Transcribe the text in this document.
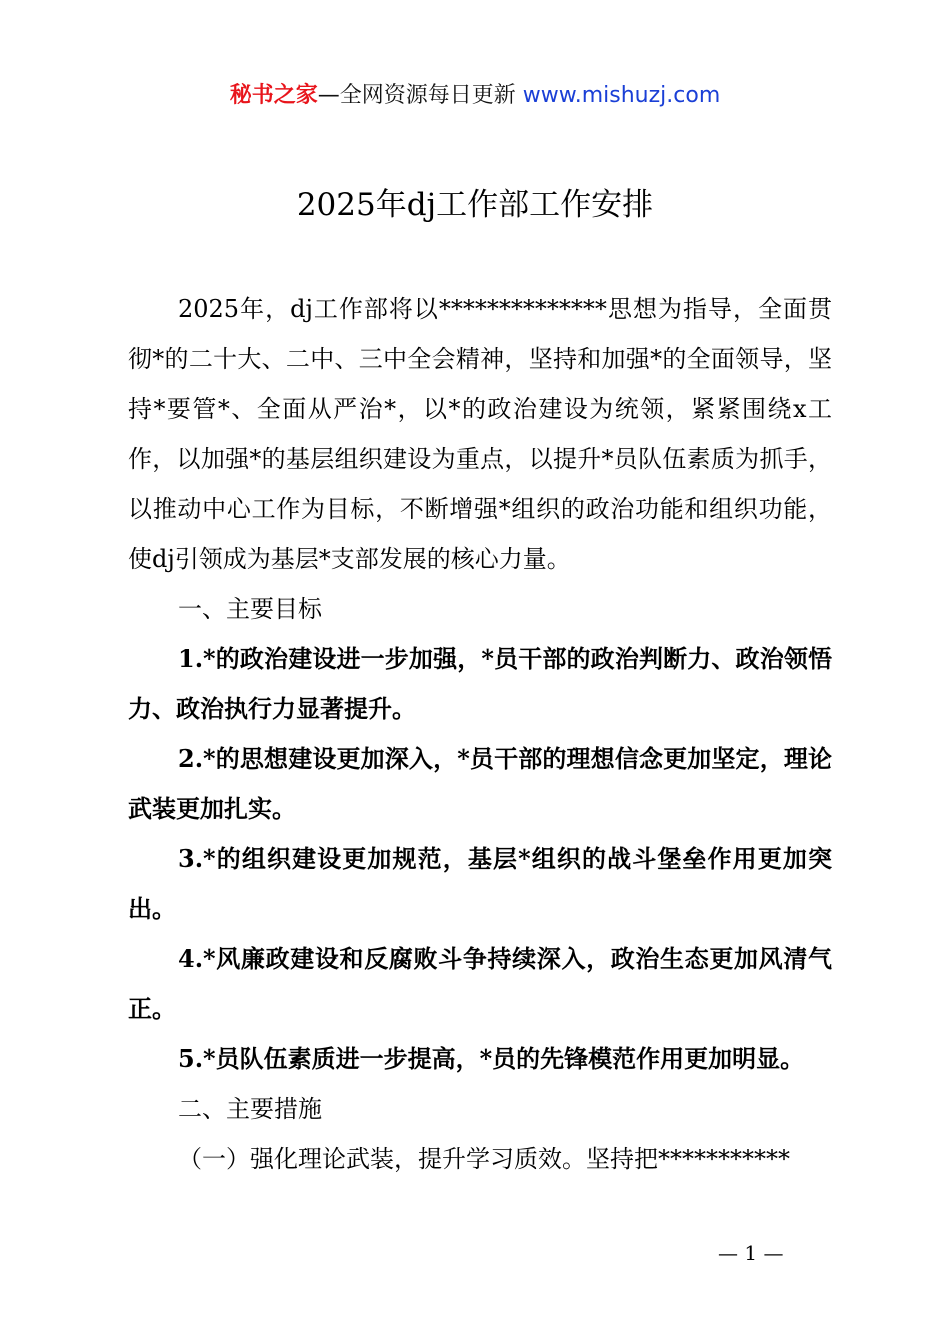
秘书之家—全网资源每日更新 www.mishuzj.com
2025年dj工作部工作安排

2025年，dj工作部将以**************思想为指导，全面贯彻*的二十大、二中、三中全会精神，坚持和加强*的全面领导，坚持*要管*、全面从严治*，以*的政治建设为统领，紧紧围绕x工作，以加强*的基层组织建设为重点，以提升*员队伍素质为抓手，以推动中心工作为目标，不断增强*组织的政治功能和组织功能，使dj引领成为基层*支部发展的核心力量。

一、主要目标

1.*的政治建设进一步加强，*员干部的政治判断力、政治领悟力、政治执行力显著提升。

2.*的思想建设更加深入，*员干部的理想信念更加坚定，理论武装更加扎实。

3.*的组织建设更加规范，基层*组织的战斗堡垒作用更加突出。

4.*风廉政建设和反腐败斗争持续深入，政治生态更加风清气正。

5.*员队伍素质进一步提高，*员的先锋模范作用更加明显。

二、主要措施

（一）强化理论武装，提升学习质效。坚持把***********

— 1 —
